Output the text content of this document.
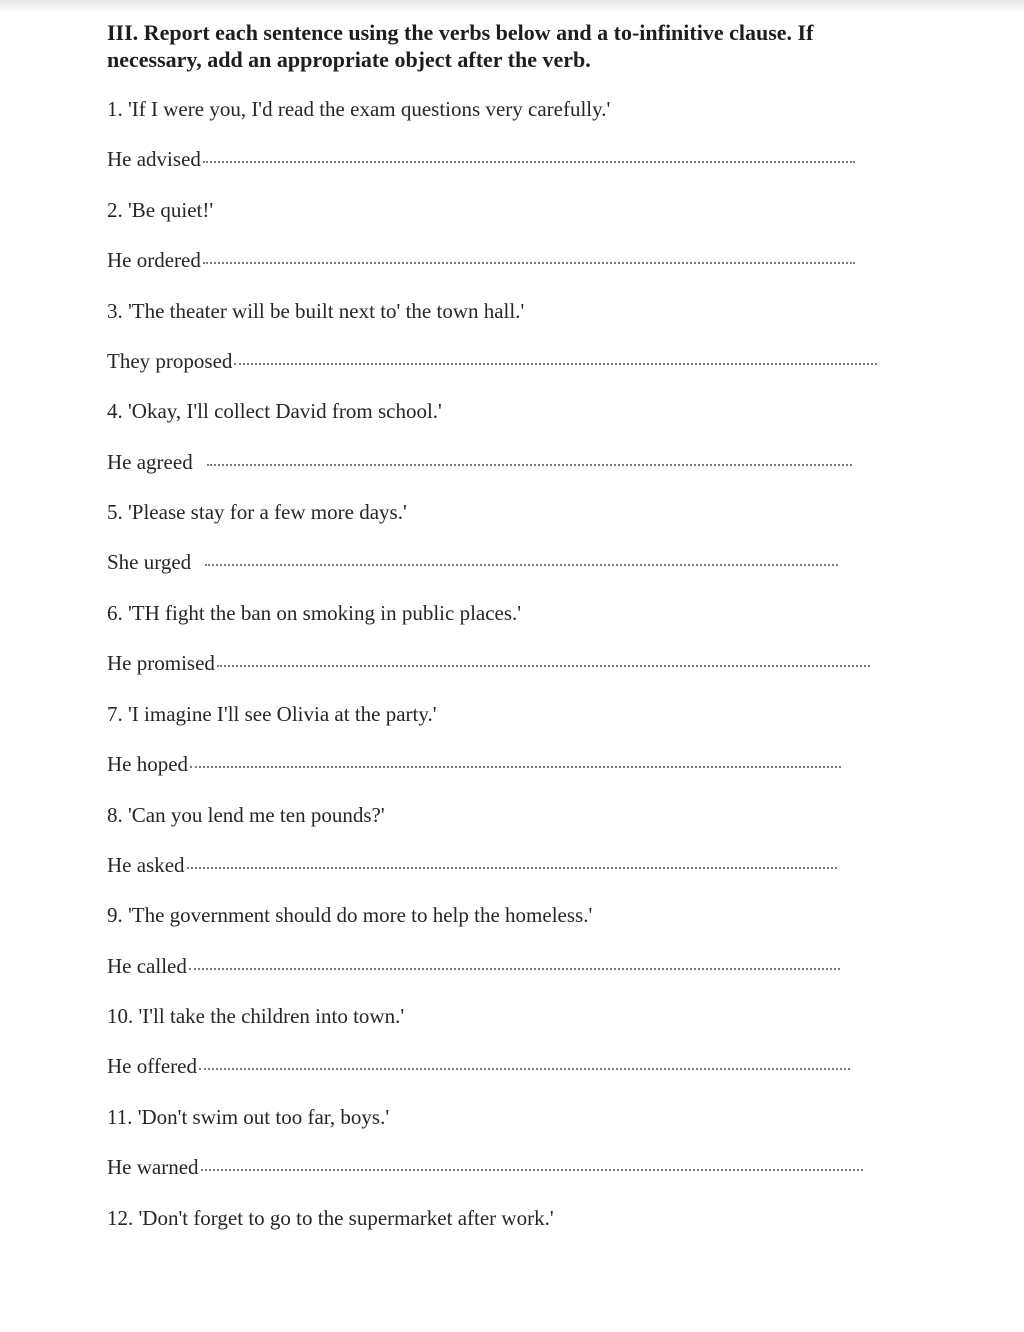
III. Report each sentence using the verbs below and a to-infinitive clause. If necessary, add an appropriate object after the verb.
1. 'If I were you, I'd read the exam questions very carefully.'
He advised
2. 'Be quiet!'
He ordered
3. 'The theater will be built next to' the town hall.'
They proposed
4. 'Okay, I'll collect David from school.'
He agreed
5. 'Please stay for a few more days.'
She urged
6. 'TH fight the ban on smoking in public places.'
He promised
7. 'I imagine I'll see Olivia at the party.'
He hoped
8. 'Can you lend me ten pounds?'
He asked
9. 'The government should do more to help the homeless.'
He called
10. 'I'll take the children into town.'
He offered
11. 'Don't swim out too far, boys.'
He warned
12. 'Don't forget to go to the supermarket after work.'
